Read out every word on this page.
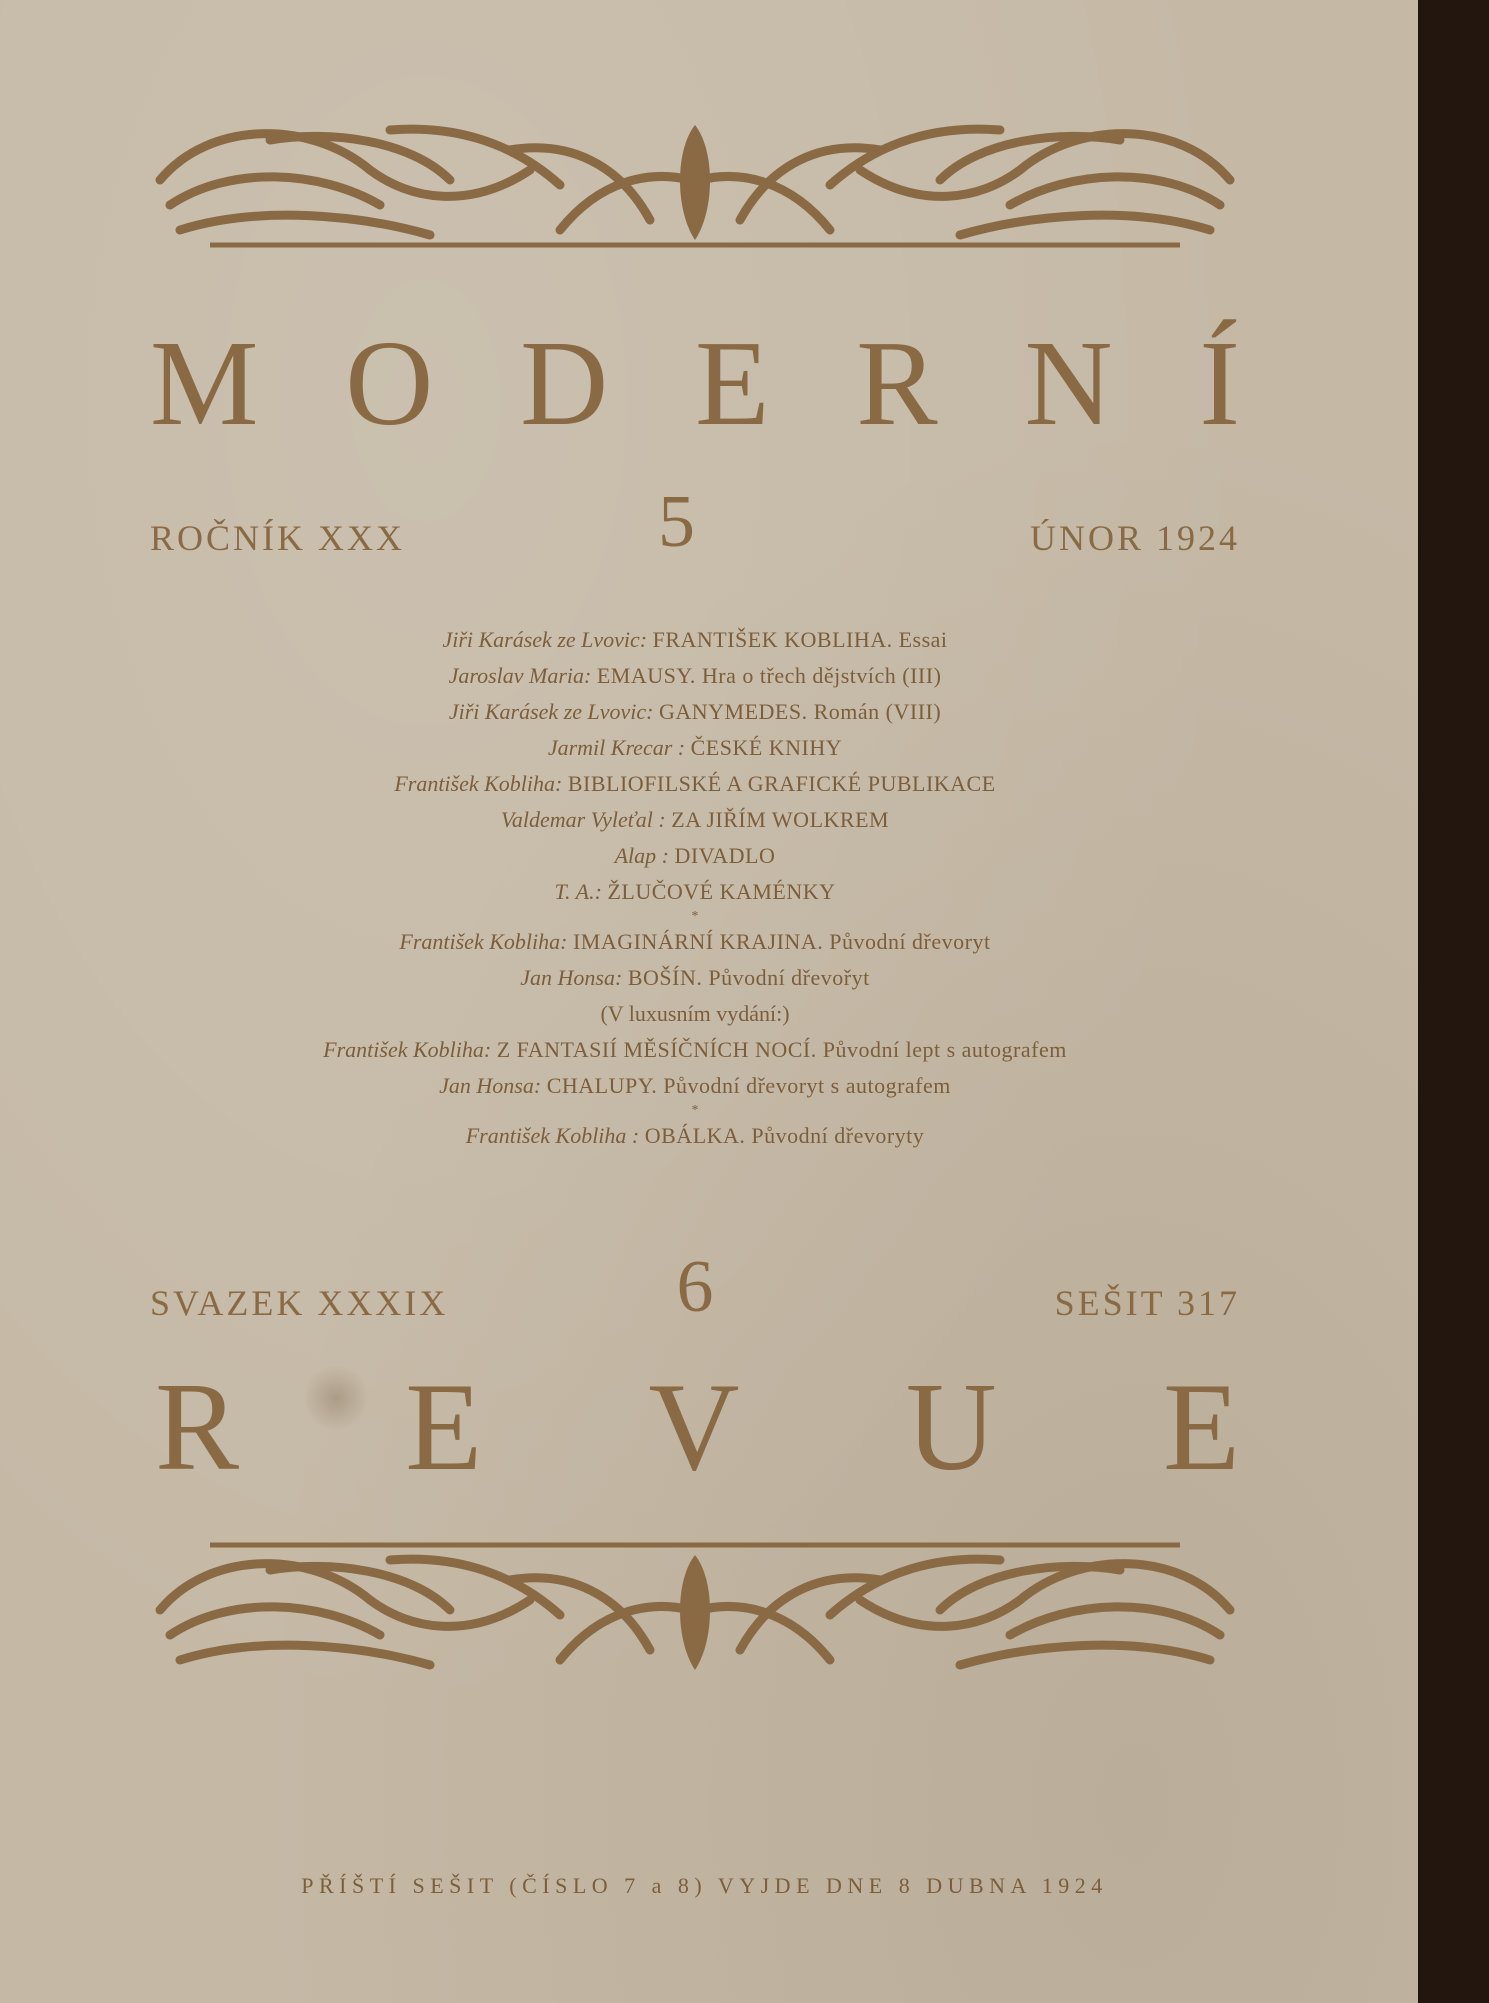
M O D E R N Í
ROČNÍK XXX	5	ÚNOR 1924
Jiři Karásek ze Lvovic: FRANTIŠEK KOBLIHA. Essai
Jaroslav Maria: EMAUSY. Hra o třech dějstvích (III)
Jiři Karásek ze Lvovic: GANYMEDES. Román (VIII)
Jarmil Krecar : ČESKÉ KNIHY
František Kobliha: BIBLIOFILSKÉ A GRAFICKÉ PUBLIKACE
Valdemar Vyleťal : ZA JIŘÍM WOLKREM
Alap : DIVADLO
T. A.: ŽLUČOVÉ KAMÉNKY
*
František Kobliha: IMAGINÁRNÍ KRAJINA. Původní dřevoryt
Jan Honsa: BOŠÍN. Původní dřevořyt
(V luxusním vydání:)
František Kobliha: Z FANTASIÍ MĚSÍČNÍCH NOCÍ. Původní lept s autografem
Jan Honsa: CHALUPY. Původní dřevoryt s autografem
*
František Kobliha : OBÁLKA. Původní dřevoryty
SVAZEK XXXIX	6	SEŠIT 317
R E V U E
PŘÍŠTÍ SEŠIT (ČÍSLO 7 a 8) VYJDE DNE 8 DUBNA 1924
